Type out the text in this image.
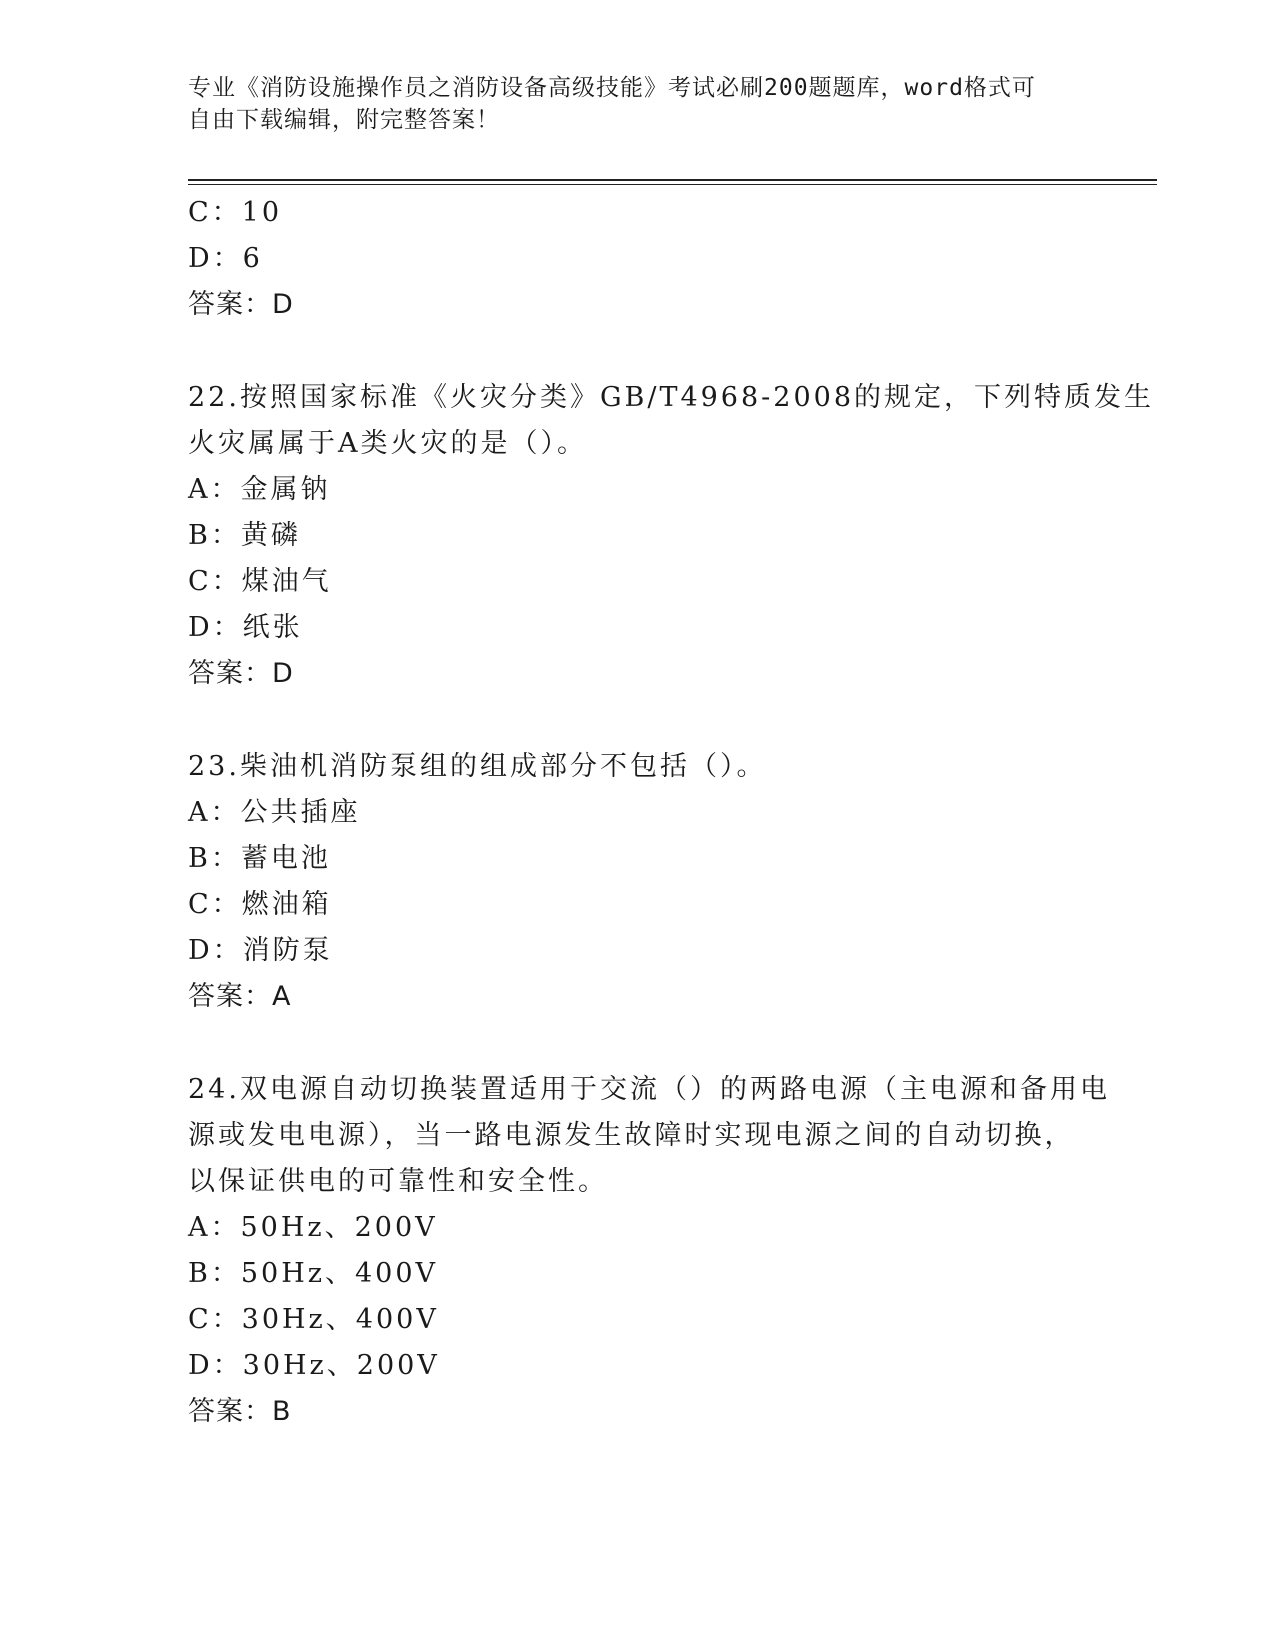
专业《消防设施操作员之消防设备高级技能》考试必刷200题题库，word格式可
自由下载编辑，附完整答案！
C：10
D：6
答案：D
22.按照国家标准《火灾分类》GB/T4968-2008的规定，下列特质发生
火灾属属于A类火灾的是（）。
A：金属钠
B：黄磷
C：煤油气
D：纸张
答案：D
23.柴油机消防泵组的组成部分不包括（）。
A：公共插座
B：蓄电池
C：燃油箱
D：消防泵
答案：A
24.双电源自动切换装置适用于交流（）的两路电源（主电源和备用电
源或发电电源），当一路电源发生故障时实现电源之间的自动切换，
以保证供电的可靠性和安全性。
A：50Hz、200V
B：50Hz、400V
C：30Hz、400V
D：30Hz、200V
答案：B
